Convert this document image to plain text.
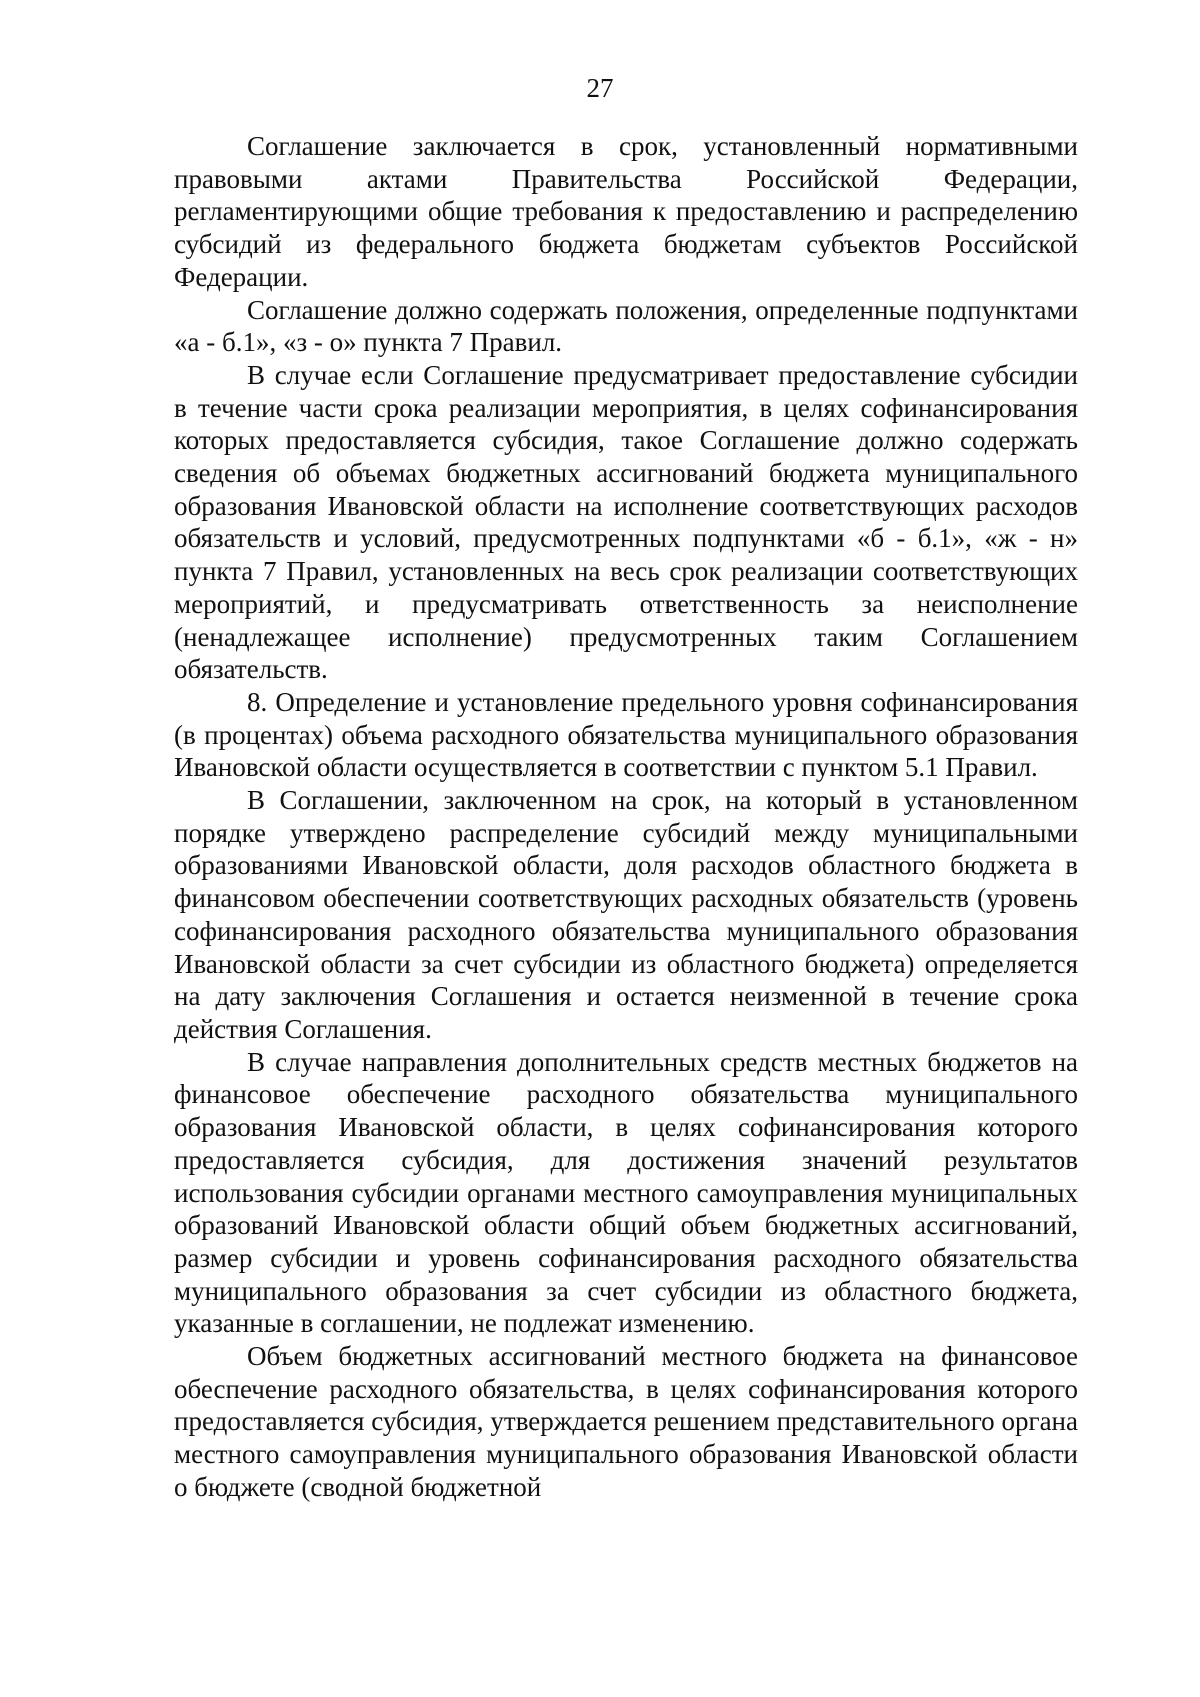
27

Соглашение заключается в срок, установленный нормативными правовыми актами Правительства Российской Федерации, регламентирующими общие требования к предоставлению и распределению субсидий из федерального бюджета бюджетам субъектов Российской Федерации.

Соглашение должно содержать положения, определенные подпунктами «а - б.1», «з - о» пункта 7 Правил.

В случае если Соглашение предусматривает предоставление субсидии в течение части срока реализации мероприятия, в целях софинансирования которых предоставляется субсидия, такое Соглашение должно содержать сведения об объемах бюджетных ассигнований бюджета муниципального образования Ивановской области на исполнение соответствующих расходов обязательств и условий, предусмотренных подпунктами «б - б.1», «ж - н» пункта 7 Правил, установленных на весь срок реализации соответствующих мероприятий, и предусматривать ответственность за неисполнение (ненадлежащее исполнение) предусмотренных таким Соглашением обязательств.

8. Определение и установление предельного уровня софинансирования (в процентах) объема расходного обязательства муниципального образования Ивановской области осуществляется в соответствии с пунктом 5.1 Правил.

В Соглашении, заключенном на срок, на который в установленном порядке утверждено распределение субсидий между муниципальными образованиями Ивановской области, доля расходов областного бюджета в финансовом обеспечении соответствующих расходных обязательств (уровень софинансирования расходного обязательства муниципального образования Ивановской области за счет субсидии из областного бюджета) определяется на дату заключения Соглашения и остается неизменной в течение срока действия Соглашения.

В случае направления дополнительных средств местных бюджетов на финансовое обеспечение расходного обязательства муниципального образования Ивановской области, в целях софинансирования которого предоставляется субсидия, для достижения значений результатов использования субсидии органами местного самоуправления муниципальных образований Ивановской области общий объем бюджетных ассигнований, размер субсидии и уровень софинансирования расходного обязательства муниципального образования за счет субсидии из областного бюджета, указанные в соглашении, не подлежат изменению.

Объем бюджетных ассигнований местного бюджета на финансовое обеспечение расходного обязательства, в целях софинансирования которого предоставляется субсидия, утверждается решением представительного органа местного самоуправления муниципального образования Ивановской области о бюджете (сводной бюджетной
